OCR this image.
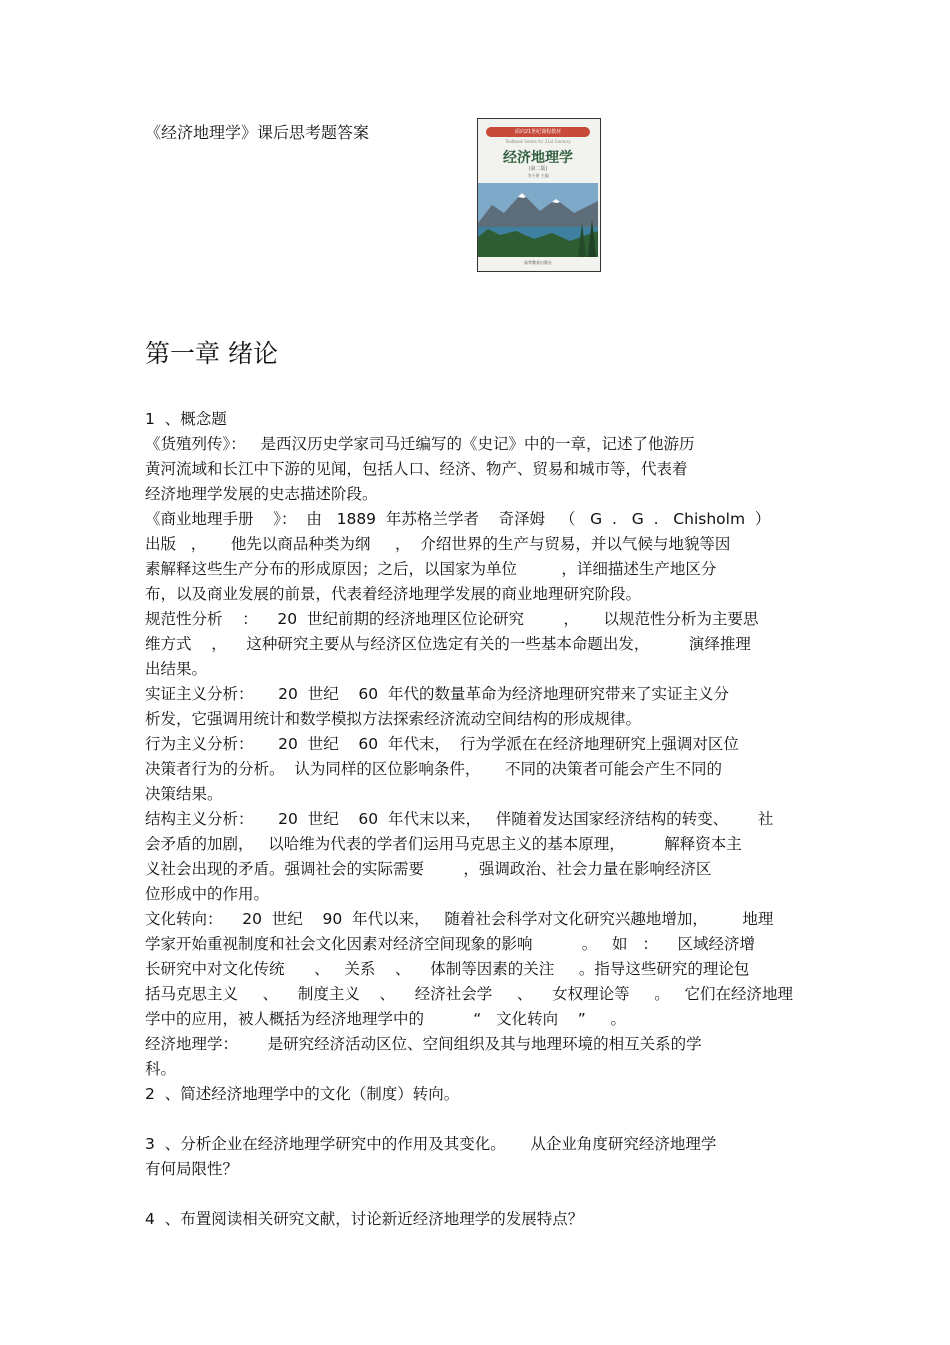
《经济地理学》课后思考题答案	面向21世纪课程教材
Textbook Series for 21st Century
经济地理学
(第二版)
李小建 主编
高等教育出版社
第一章 绪论
1  、概念题
《货殖列传》：   是西汉历史学家司马迁编写的《史记》中的一章，记述了他游历
黄河流域和长江中下游的见闻，包括人口、经济、物产、贸易和城市等，代表着
经济地理学发展的史志描述阶段。
《商业地理手册    》：  由   1889  年苏格兰学者    奇泽姆   （   G  .   G  .   Chisholm  ）
出版   ，     他先以商品种类为纲     ，  介绍世界的生产与贸易，并以气候与地貌等因
素解释这些生产分布的形成原因；之后，以国家为单位         ，详细描述生产地区分
布，以及商业发展的前景，代表着经济地理学发展的商业地理研究阶段。
规范性分析    ：    20  世纪前期的经济地理区位论研究        ，     以规范性分析为主要思
维方式    ，    这种研究主要从与经济区位选定有关的一些基本命题出发，        演绎推理
出结果。
实证主义分析：     20  世纪    60  年代的数量革命为经济地理研究带来了实证主义分
析发，它强调用统计和数学模拟方法探索经济流动空间结构的形成规律。
行为主义分析：     20  世纪    60  年代末，  行为学派在在经济地理研究上强调对区位
决策者行为的分析。  认为同样的区位影响条件，     不同的决策者可能会产生不同的
决策结果。
结构主义分析：     20  世纪    60  年代末以来，   伴随着发达国家经济结构的转变、      社
会矛盾的加剧，   以哈维为代表的学者们运用马克思主义的基本原理，        解释资本主
义社会出现的矛盾。强调社会的实际需要        ，强调政治、社会力量在影响经济区
位形成中的作用。
文化转向：    20  世纪    90  年代以来，   随着社会科学对文化研究兴趣地增加，       地理
学家开始重视制度和社会文化因素对经济空间现象的影响          。   如   ：    区域经济增
长研究中对文化传统      、   关系    、    体制等因素的关注     。指导这些研究的理论包
括马克思主义     、    制度主义    、    经济社会学     、    女权理论等     。   它们在经济地理
学中的应用，被人概括为经济地理学中的          “   文化转向    ”     。
经济地理学：      是研究经济活动区位、空间组织及其与地理环境的相互关系的学
科。
2  、简述经济地理学中的文化（制度）转向。
3  、分析企业在经济地理学研究中的作用及其变化。     从企业角度研究经济地理学
有何局限性？
4  、布置阅读相关研究文献，讨论新近经济地理学的发展特点？
